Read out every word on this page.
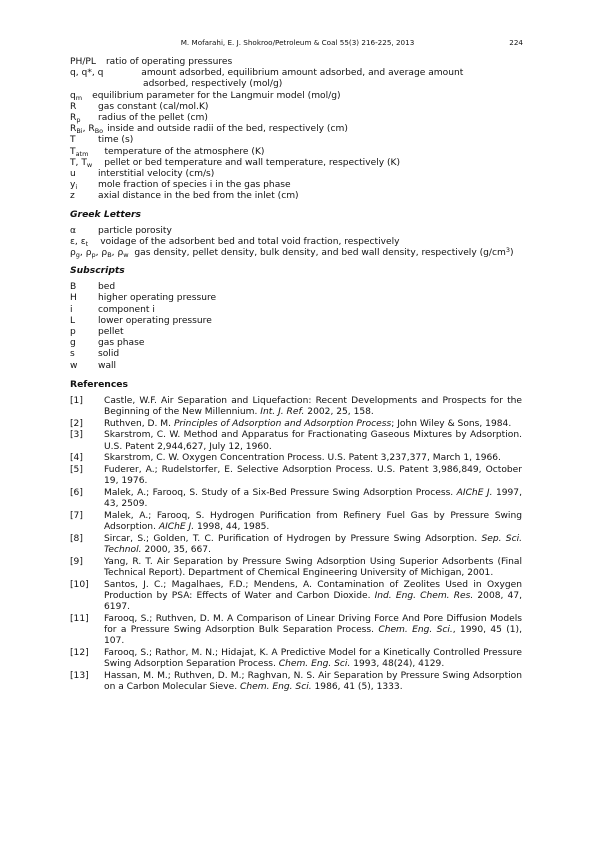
M. Mofarahi, E. J. Shokroo/Petroleum & Coal 55(3) 216-225, 2013	224
PH/PL ratio of operating pressures
q, q*, q	amount adsorbed, equilibrium amount adsorbed, and average amount
adsorbed, respectively (mol/g)
$q_m$ equilibrium parameter for the Langmuir model (mol/g)
R	gas constant (cal/mol.K)
$R_p$	radius of the pellet (cm)
$R_{Bi}$, $R_{Bo}$ inside and outside radii of the bed, respectively (cm)
T	time (s)
$T_{atm}$ temperature of the atmosphere (K)
T, $T_w$ pellet or bed temperature and wall temperature, respectively (K)
u	interstitial velocity (cm/s)
$y_i$	mole fraction of species i in the gas phase
z	axial distance in the bed from the inlet (cm)
Greek Letters
α	particle porosity
ε, $\varepsilon_t$ voidage of the adsorbent bed and total void fraction, respectively
$\rho_g$, $\rho_p$, $\rho_B$, $\rho_w$ gas density, pellet density, bulk density, and bed wall density, respectively $(g/cm^3)$
Subscripts
B	bed
H	higher operating pressure
i	component i
L	lower operating pressure
p	pellet
g	gas phase
s	solid
w	wall
References
[1]	Castle, W.F. Air Separation and Liquefaction: Recent Developments and Prospects for the Beginning of the New Millennium. Int. J. Ref. 2002, 25, 158.
[2]	Ruthven, D. M. Principles of Adsorption and Adsorption Process; John Wiley & Sons, 1984.
[3]	Skarstrom, C. W. Method and Apparatus for Fractionating Gaseous Mixtures by Adsorption. U.S. Patent 2,944,627, July 12, 1960.
[4]	Skarstrom, C. W. Oxygen Concentration Process. U.S. Patent 3,237,377, March 1, 1966.
[5]	Fuderer, A.; Rudelstorfer, E. Selective Adsorption Process. U.S. Patent 3,986,849, October 19, 1976.
[6]	Malek, A.; Farooq, S. Study of a Six-Bed Pressure Swing Adsorption Process. AIChE J. 1997, 43, 2509.
[7]	Malek, A.; Farooq, S. Hydrogen Purification from Refinery Fuel Gas by Pressure Swing Adsorption. AIChE J. 1998, 44, 1985.
[8]	Sircar, S.; Golden, T. C. Purification of Hydrogen by Pressure Swing Adsorption. Sep. Sci. Technol. 2000, 35, 667.
[9]	Yang, R. T. Air Separation by Pressure Swing Adsorption Using Superior Adsorbents (Final Technical Report). Department of Chemical Engineering University of Michigan, 2001.
[10]	Santos, J. C.; Magalhaes, F.D.; Mendens, A. Contamination of Zeolites Used in Oxygen Production by PSA: Effects of Water and Carbon Dioxide. Ind. Eng. Chem. Res. 2008, 47, 6197.
[11]	Farooq, S.; Ruthven, D. M. A Comparison of Linear Driving Force And Pore Diffusion Models for a Pressure Swing Adsorption Bulk Separation Process. Chem. Eng. Sci., 1990, 45 (1), 107.
[12]	Farooq, S.; Rathor, M. N.; Hidajat, K. A Predictive Model for a Kinetically Controlled Pressure Swing Adsorption Separation Process. Chem. Eng. Sci. 1993, 48(24), 4129.
[13]	Hassan, M. M.; Ruthven, D. M.; Raghvan, N. S. Air Separation by Pressure Swing Adsorption on a Carbon Molecular Sieve. Chem. Eng. Sci. 1986, 41 (5), 1333.
